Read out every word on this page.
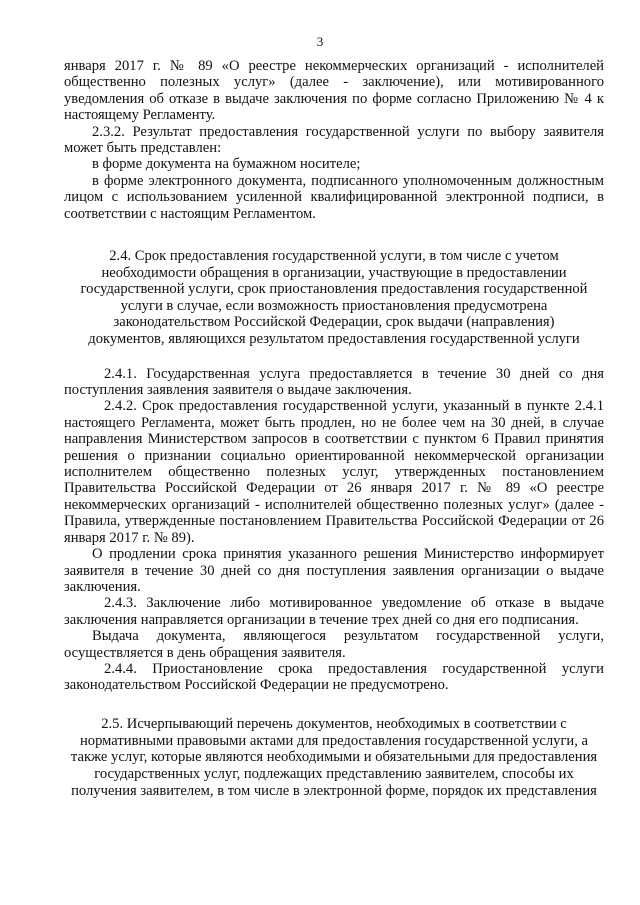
3

января 2017 г. № 89 «О реестре некоммерческих организаций - исполнителей общественно полезных услуг» (далее - заключение), или мотивированного уведомления об отказе в выдаче заключения по форме согласно Приложению № 4 к настоящему Регламенту.

2.3.2. Результат предоставления государственной услуги по выбору заявителя может быть представлен:

в форме документа на бумажном носителе;

в форме электронного документа, подписанного уполномоченным должностным лицом с использованием усиленной квалифицированной электронной подписи, в соответствии с настоящим Регламентом.

2.4. Срок предоставления государственной услуги, в том числе с учетом необходимости обращения в организации, участвующие в предоставлении государственной услуги, срок приостановления предоставления государственной услуги в случае, если возможность приостановления предусмотрена законодательством Российской Федерации, срок выдачи (направления) документов, являющихся результатом предоставления государственной услуги

2.4.1. Государственная услуга предоставляется в течение 30 дней со дня поступления заявления заявителя о выдаче заключения.

2.4.2. Срок предоставления государственной услуги, указанный в пункте 2.4.1 настоящего Регламента, может быть продлен, но не более чем на 30 дней, в случае направления Министерством запросов в соответствии с пунктом 6 Правил принятия решения о признании социально ориентированной некоммерческой организации исполнителем общественно полезных услуг, утвержденных постановлением Правительства Российской Федерации от 26 января 2017 г. № 89 «О реестре некоммерческих организаций - исполнителей общественно полезных услуг» (далее - Правила, утвержденные постановлением Правительства Российской Федерации от 26 января 2017 г. № 89).

О продлении срока принятия указанного решения Министерство информирует заявителя в течение 30 дней со дня поступления заявления организации о выдаче заключения.

2.4.3. Заключение либо мотивированное уведомление об отказе в выдаче заключения направляется организации в течение трех дней со дня его подписания.

Выдача документа, являющегося результатом государственной услуги, осуществляется в день обращения заявителя.

2.4.4. Приостановление срока предоставления государственной услуги законодательством Российской Федерации не предусмотрено.

2.5. Исчерпывающий перечень документов, необходимых в соответствии с нормативными правовыми актами для предоставления государственной услуги, а также услуг, которые являются необходимыми и обязательными для предоставления государственных услуг, подлежащих представлению заявителем, способы их получения заявителем, в том числе в электронной форме, порядок их представления
